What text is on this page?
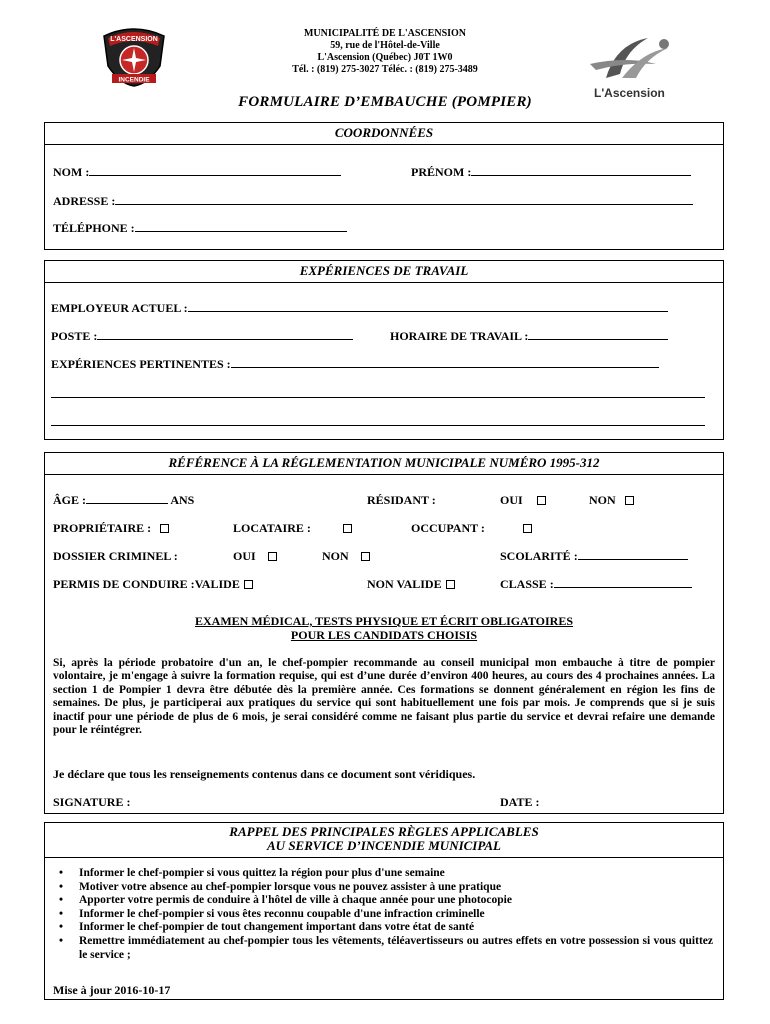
L'ASCENSION
INCENDIE
MUNICIPALITÉ DE L'ASCENSION
59, rue de l'Hôtel-de-Ville
L'Ascension (Québec) J0T 1W0
Tél. : (819) 275-3027 Téléc. : (819) 275-3489
L'Ascension
FORMULAIRE D’EMBAUCHE (POMPIER)
COORDONNÉES
NOM :	PRÉNOM :
ADRESSE :
TÉLÉPHONE :
EXPÉRIENCES DE TRAVAIL
EMPLOYEUR ACTUEL :
POSTE :	HORAIRE DE TRAVAIL :
EXPÉRIENCES PERTINENTES :
RÉFÉRENCE À LA RÉGLEMENTATION MUNICIPALE NUMÉRO 1995-312
ÂGE :	ANS	RÉSIDANT :	OUI	NON
PROPRIÉTAIRE :	LOCATAIRE :	OCCUPANT :
DOSSIER CRIMINEL :	OUI	NON	SCOLARITÉ :
PERMIS DE CONDUIRE :VALIDE	NON VALIDE	CLASSE :
EXAMEN MÉDICAL, TESTS PHYSIQUE ET ÉCRIT OBLIGATOIRES
POUR LES CANDIDATS CHOISIS
Si, après la période probatoire d'un an, le chef-pompier recommande au conseil municipal mon embauche à titre de pompier volontaire, je m'engage à suivre la formation requise, qui est d’une durée d’environ 400 heures, au cours des 4 prochaines années. La section 1 de Pompier 1 devra être débutée dès la première année. Ces formations se donnent généralement en région les fins de semaines. De plus, je participerai aux pratiques du service qui sont habituellement une fois par mois. Je comprends que si je suis inactif pour une période de plus de 6 mois, je serai considéré comme ne faisant plus partie du service et devrai refaire une demande pour le réintégrer.
Je déclare que tous les renseignements contenus dans ce document sont véridiques.
SIGNATURE :	DATE :
RAPPEL DES PRINCIPALES RÈGLES APPLICABLES
AU SERVICE D’INCENDIE MUNICIPAL
• Informer le chef-pompier si vous quittez la région pour plus d'une semaine
• Motiver votre absence au chef-pompier lorsque vous ne pouvez assister à une pratique
• Apporter votre permis de conduire à l'hôtel de ville à chaque année pour une photocopie
• Informer le chef-pompier si vous êtes reconnu coupable d'une infraction criminelle
• Informer le chef-pompier de tout changement important dans votre état de santé
• Remettre immédiatement au chef-pompier tous les vêtements, téléavertisseurs ou autres effets en votre possession si vous quittez le service ;
Mise à jour 2016-10-17
